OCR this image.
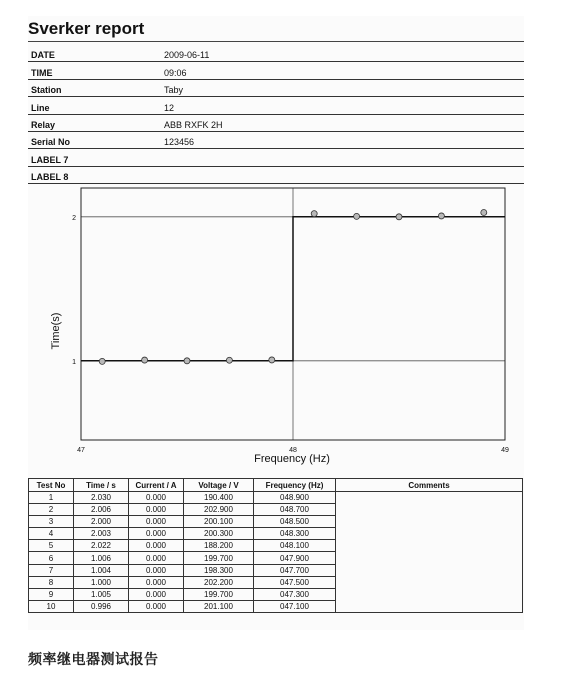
Sverker report
DATE	2009-06-11
TIME	09:06
Station	Taby
Line	12
Relay	ABB RXFK 2H
Serial No	123456
LABEL 7
LABEL 8
47	48	49
1
2
Frequency (Hz)
Time(s)
Test No	Time / s	Current / A	Voltage / V	Frequency (Hz)	Comments
1	2.030	0.000	190.400	048.900	
2	2.006	0.000	202.900	048.700	
3	2.000	0.000	200.100	048.500	
4	2.003	0.000	200.300	048.300	
5	2.022	0.000	188.200	048.100	
6	1.006	0.000	199.700	047.900	
7	1.004	0.000	198.300	047.700	
8	1.000	0.000	202.200	047.500	
9	1.005	0.000	199.700	047.300	
10	0.996	0.000	201.100	047.100	
频率继电器测试报告
